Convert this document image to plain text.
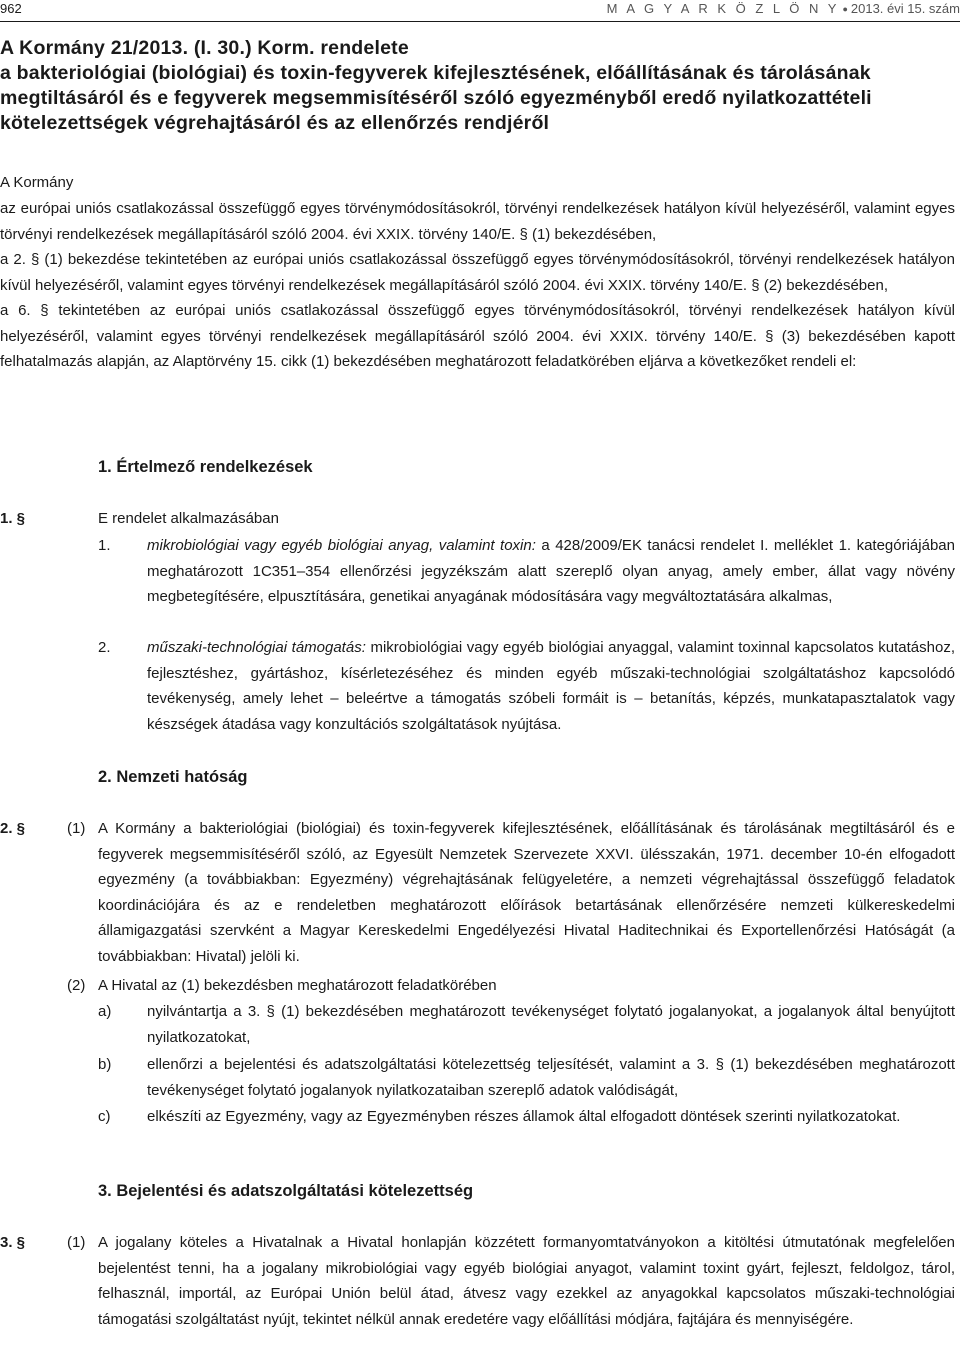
962	M A G Y A R K Ö Z L Ö N Y ● 2013. évi 15. szám
A Kormány 21/2013. (I. 30.) Korm. rendelete
a bakteriológiai (biológiai) és toxin-fegyverek kifejlesztésének, előállításának és tárolásának
megtiltásáról és e fegyverek megsemmisítéséről szóló egyezményből eredő nyilatkozattételi
kötelezettségek végrehajtásáról és az ellenőrzés rendjéről
A Kormány

az európai uniós csatlakozással összefüggő egyes törvénymódosításokról, törvényi rendelkezések hatályon kívül helyezéséről, valamint egyes törvényi rendelkezések megállapításáról szóló 2004. évi XXIX. törvény 140/E. § (1) bekezdésében,

a 2. § (1) bekezdése tekintetében az európai uniós csatlakozással összefüggő egyes törvénymódosításokról, törvényi rendelkezések hatályon kívül helyezéséről, valamint egyes törvényi rendelkezések megállapításáról szóló 2004. évi XXIX. törvény 140/E. § (2) bekezdésében,

a 6. § tekintetében az európai uniós csatlakozással összefüggő egyes törvénymódosításokról, törvényi rendelkezések hatályon kívül helyezéséről, valamint egyes törvényi rendelkezések megállapításáról szóló 2004. évi XXIX. törvény 140/E. § (3) bekezdésében kapott felhatalmazás alapján, az Alaptörvény 15. cikk (1) bekezdésében meghatározott feladatkörében eljárva a következőket rendeli el:

1. Értelmező rendelkezések
1. §	E rendelet alkalmazásában
1. mikrobiológiai vagy egyéb biológiai anyag, valamint toxin: a 428/2009/EK tanácsi rendelet I. melléklet 1. kategóriájában meghatározott 1C351–354 ellenőrzési jegyzékszám alatt szereplő olyan anyag, amely ember, állat vagy növény megbetegítésére, elpusztítására, genetikai anyagának módosítására vagy megváltoztatására alkalmas,
2. műszaki-technológiai támogatás: mikrobiológiai vagy egyéb biológiai anyaggal, valamint toxinnal kapcsolatos kutatáshoz, fejlesztéshez, gyártáshoz, kísérletezéséhez és minden egyéb műszaki-technológiai szolgáltatáshoz kapcsolódó tevékenység, amely lehet – beleértve a támogatás szóbeli formáit is – betanítás, képzés, munkatapasztalatok vagy készségek átadása vagy konzultációs szolgáltatások nyújtása.
2. Nemzeti hatóság
2. §	(1) A Kormány a bakteriológiai (biológiai) és toxin-fegyverek kifejlesztésének, előállításának és tárolásának megtiltásáról és e fegyverek megsemmisítéséről szóló, az Egyesült Nemzetek Szervezete XXVI. ülésszakán, 1971. december 10-én elfogadott egyezmény (a továbbiakban: Egyezmény) végrehajtásának felügyeletére, a nemzeti végrehajtással összefüggő feladatok koordinációjára és az e rendeletben meghatározott előírások betartásának ellenőrzésére nemzeti külkereskedelmi államigazgatási szervként a Magyar Kereskedelmi Engedélyezési Hivatal Haditechnikai és Exportellenőrzési Hatóságát (a továbbiakban: Hivatal) jelöli ki.
(2) A Hivatal az (1) bekezdésben meghatározott feladatkörében
a) nyilvántartja a 3. § (1) bekezdésében meghatározott tevékenységet folytató jogalanyokat, a jogalanyok által benyújtott nyilatkozatokat,
b) ellenőrzi a bejelentési és adatszolgáltatási kötelezettség teljesítését, valamint a 3. § (1) bekezdésében meghatározott tevékenységet folytató jogalanyok nyilatkozataiban szereplő adatok valódiságát,
c) elkészíti az Egyezmény, vagy az Egyezményben részes államok által elfogadott döntések szerinti nyilatkozatokat.
3. Bejelentési és adatszolgáltatási kötelezettség
3. §	(1) A jogalany köteles a Hivatalnak a Hivatal honlapján közzétett formanyomtatványokon a kitöltési útmutatónak megfelelően bejelentést tenni, ha a jogalany mikrobiológiai vagy egyéb biológiai anyagot, valamint toxint gyárt, fejleszt, feldolgoz, tárol, felhasznál, importál, az Európai Unión belül átad, átvesz vagy ezekkel az anyagokkal kapcsolatos műszaki-technológiai támogatási szolgáltatást nyújt, tekintet nélkül annak eredetére vagy előállítási módjára, fajtájára és mennyiségére.
